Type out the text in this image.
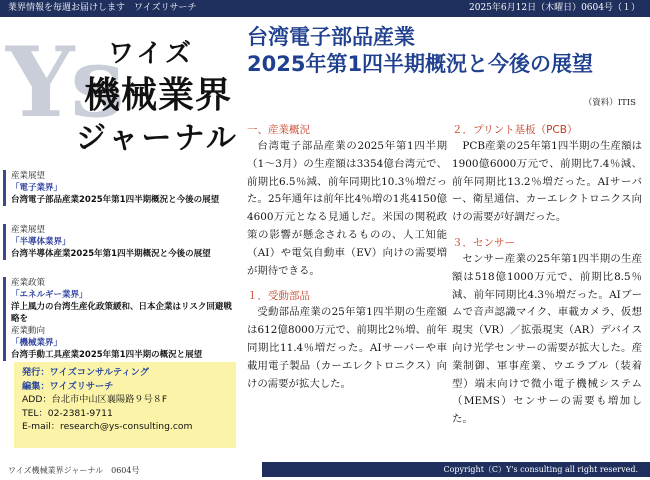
業界情報を毎週お届けします　ワイズリサーチ	2025年6月12日（木曜日）0604号（１）
Ys
ワイズ
機械業界
ジャーナル
産業展望
「電子業界」
台湾電子部品産業2025年第1四半期概況と今後の展望
産業展望
「半導体業界」
台湾半導体産業2025年第1四半期概況と今後の展望
産業政策
「エネルギー業界」
洋上風力の台湾生産化政策緩和、日本企業はリスク回避戦略を
産業動向
「機械業界」
台湾手動工具産業2025年第1四半期の概況と展望
発行：ワイズコンサルティング
編集：ワイズリサーチ
ADD：台北市中山区襄陽路９号８F
TEL：02-2381-9711
E-mail：research@ys-consulting.com
台湾電子部品産業
2025年第1四半期概況と今後の展望
（資料）ITIS
一、産業概況

台湾電子部品産業の2025年第1四半期（1〜3月）の生産額は3354億台湾元で、前期比6.5％減、前年同期比10.3％増だった。25年通年は前年比4％増の1兆4150億4600万元となる見通しだ。米国の関税政策の影響が懸念されるものの、人工知能（AI）や電気自動車（EV）向けの需要増が期待できる。

１．受動部品

受動部品産業の25年第1四半期の生産額は612億8000万元で、前期比2％増、前年同期比11.4％増だった。AIサーバーや車載用電子製品（カーエレクトロニクス）向けの需要が拡大した。

２．プリント基板（PCB）

PCB産業の25年第1四半期の生産額は1900億6000万元で、前期比7.4％減、前年同期比13.2％増だった。AIサーバー、衛星通信、カーエレクトロニクス向けの需要が好調だった。

３．センサー

センサー産業の25年第1四半期の生産額は518億1000万元で、前期比8.5％減、前年同期比4.3％増だった。AIブームで音声認識マイク、車載カメラ、仮想現実（VR）／拡張現実（AR）デバイス向け光学センサーの需要が拡大した。産業制御、軍事産業、ウエラブル（装着型）端末向けで微小電子機械システム（MEMS）センサーの需要も増加した。

ワイズ機械業界ジャーナル　0604号	Copyright（C）Y's consulting all right reserved.
